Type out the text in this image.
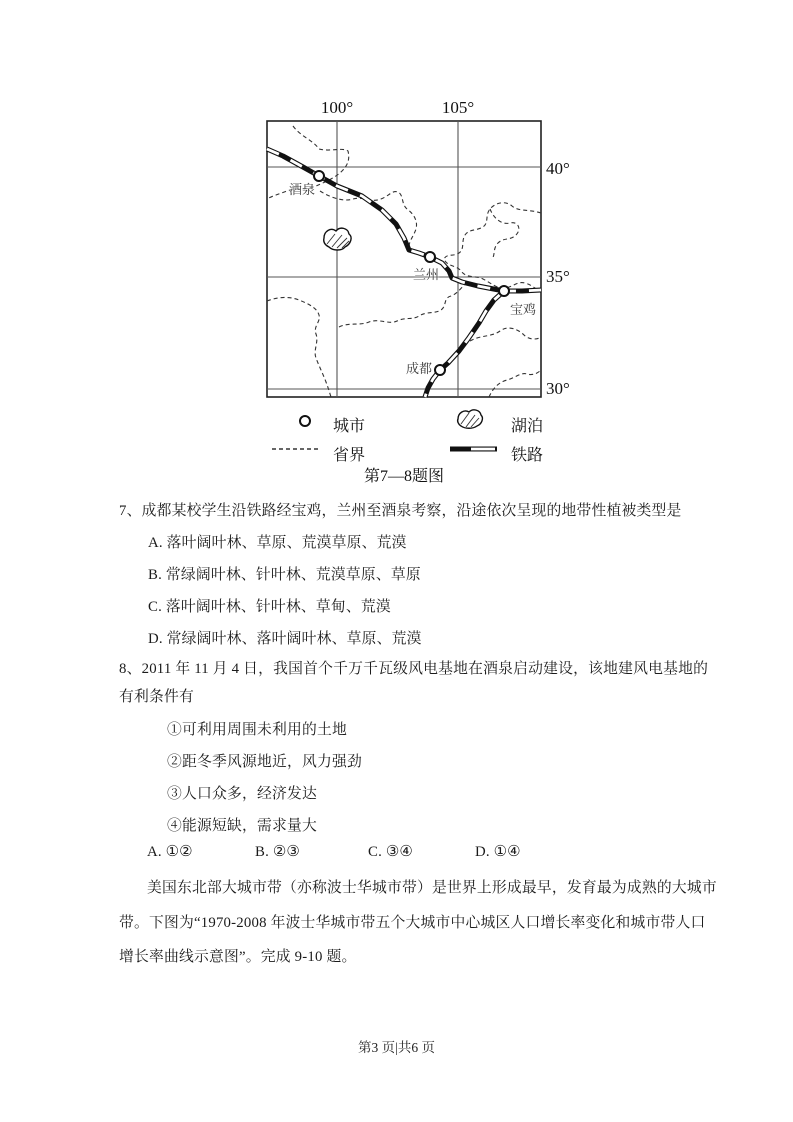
100°	105°
40°
35°
30°
酒泉
兰州
宝鸡
成都
城市	湖泊
省界	铁路
第7—8题图
7、成都某校学生沿铁路经宝鸡，兰州至酒泉考察，沿途依次呈现的地带性植被类型是
A. 落叶阔叶林、草原、荒漠草原、荒漠
B. 常绿阔叶林、针叶林、荒漠草原、草原
C. 落叶阔叶林、针叶林、草甸、荒漠
D. 常绿阔叶林、落叶阔叶林、草原、荒漠
8、2011 年 11 月 4 日，我国首个千万千瓦级风电基地在酒泉启动建设，该地建风电基地的
有利条件有
①可利用周围未利用的土地
②距冬季风源地近，风力强劲
③人口众多，经济发达
④能源短缺，需求量大
A. ①②	B. ②③	C. ③④	D. ①④
美国东北部大城市带（亦称波士华城市带）是世界上形成最早，发育最为成熟的大城市
带。下图为“1970-2008 年波士华城市带五个大城市中心城区人口增长率变化和城市带人口
增长率曲线示意图”。完成 9-10 题。
第3 页|共6 页
